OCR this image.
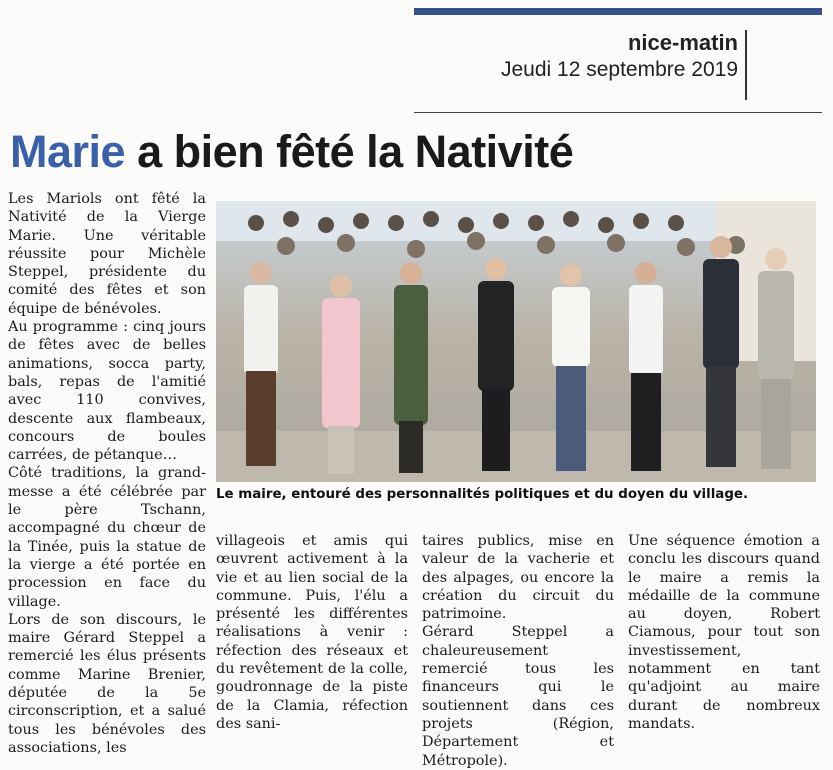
nice-matin
Jeudi 12 septembre 2019
Marie a bien fêté la Nativité
Le maire, entouré des personnalités politiques et du doyen du village.

Les Mariols ont fêté la Nativité de la Vierge Marie. Une véritable réussite pour Michèle Steppel, présidente du comité des fêtes et son équipe de bénévoles.

Au programme : cinq jours de fêtes avec de belles animations, socca party, bals, repas de l'amitié avec 110 convives, descente aux flambeaux, concours de boules carrées, de pétanque…

Côté traditions, la grand-messe a été célébrée par le père Tschann, accompagné du chœur de la Tinée, puis la statue de la vierge a été portée en procession en face du village.

Lors de son discours, le maire Gérard Steppel a remercié les élus présents comme Marine Brenier, députée de la 5e circonscription, et a salué tous les bénévoles des associations, les

villageois et amis qui œuvrent activement à la vie et au lien social de la commune. Puis, l'élu a présenté les différentes réalisations à venir : réfection des réseaux et du revêtement de la colle, goudronnage de la piste de la Clamia, réfection des sani-

taires publics, mise en valeur de la vacherie et des alpages, ou encore la création du circuit du patrimoine.

Gérard Steppel a chaleureusement remercié tous les financeurs qui le soutiennent dans ces projets (Région, Département et Métropole).

Une séquence émotion a conclu les discours quand le maire a remis la médaille de la commune au doyen, Robert Ciamous, pour tout son investissement, notamment en tant qu'adjoint au maire durant de nombreux mandats.
